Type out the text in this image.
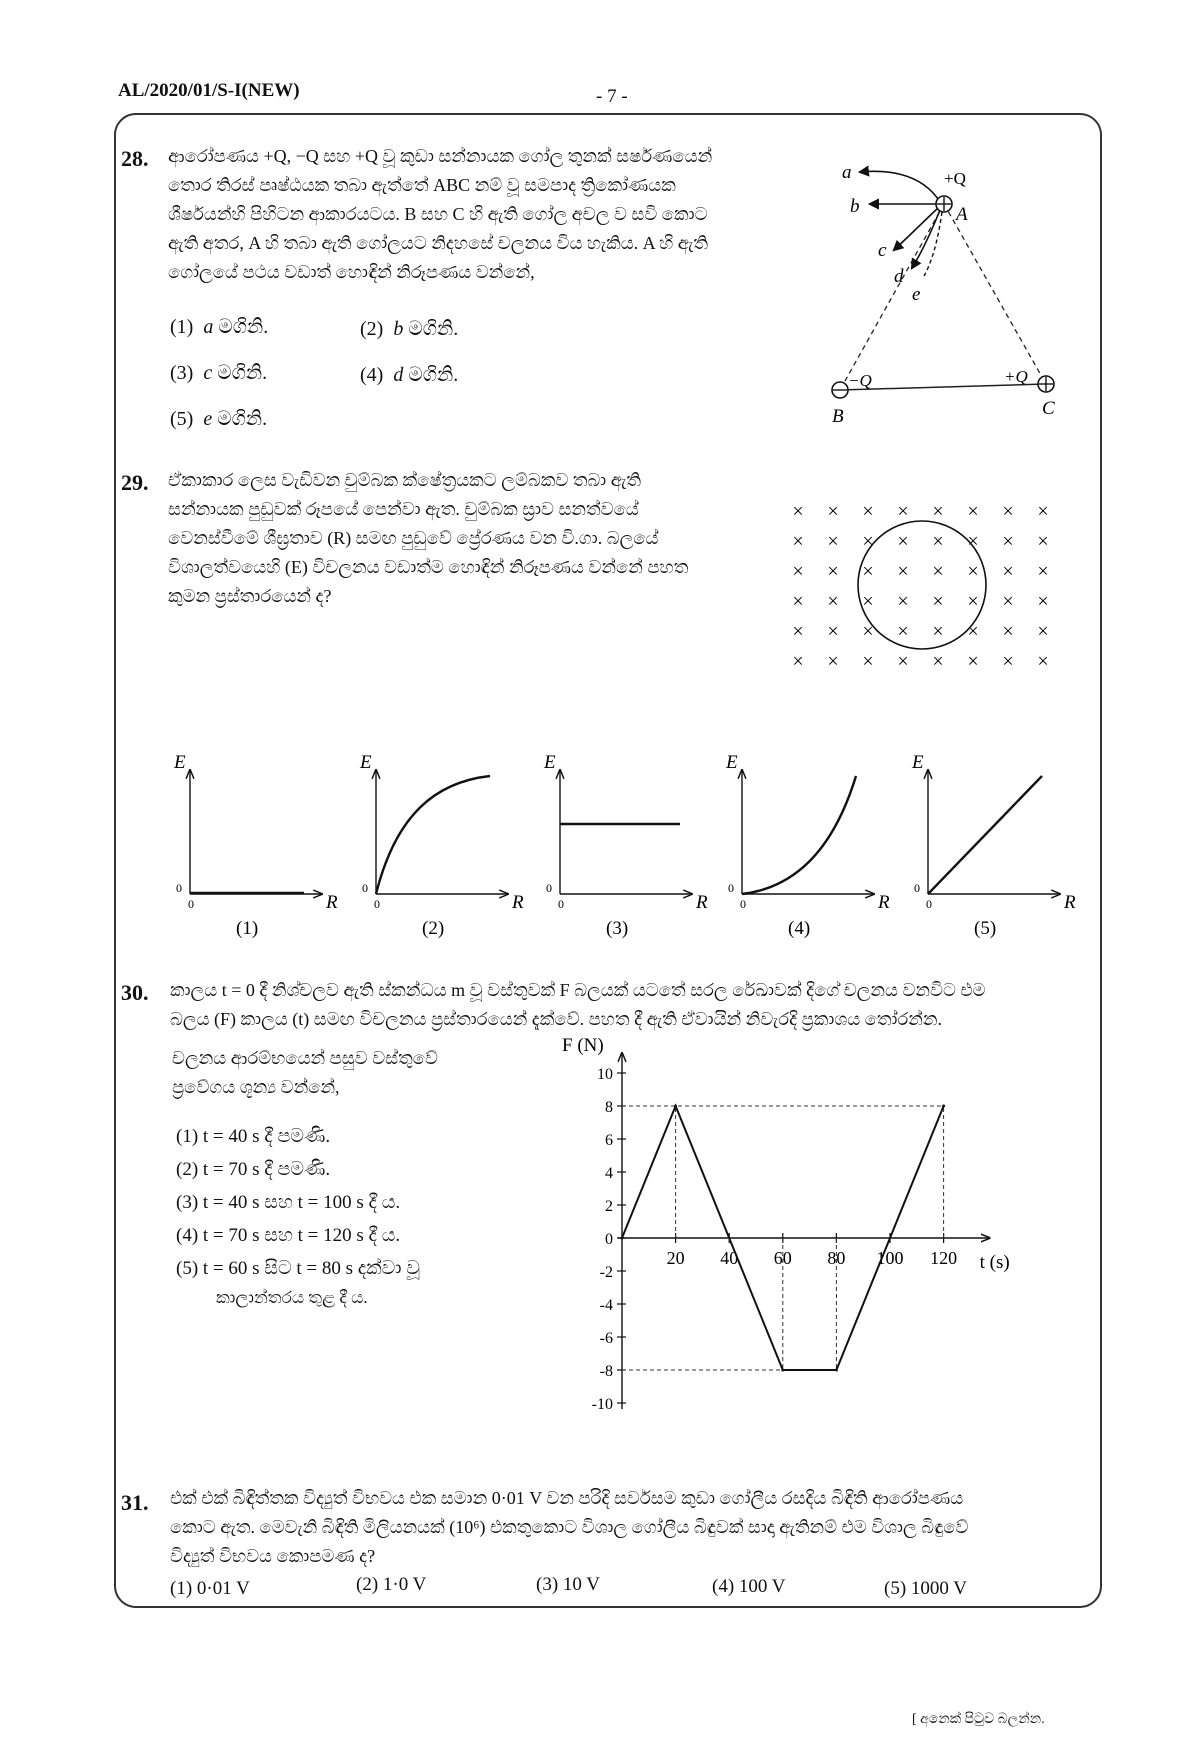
AL/2020/01/S-I(NEW)	- 7 -
28. ආරෝපණය +Q, −Q සහ +Q වූ කුඩා සන්නායක ගෝල තුනක් සර්ෂණයෙන්
තොර තිරස් පෘෂ්ඨයක තබා ඇත්තේ ABC නම් වූ සමපාද ත්‍රිකෝණයක
ශීර්ෂයන්හි පිහිටන ආකාරයටය. B සහ C හි ඇති ගෝල අචල ව සවි කොට
ඇති අතර, A හි තබා ඇති ගෝලයට නිදහසේ චලනය විය හැකිය. A හි ඇති
ගෝලයේ පථය වඩාත් හොඳින් නිරූපණය වන්නේ,
(1) a මගිනි.	(2) b මගිනි.
(3) c මගිනි.	(4) d මගිනි.
(5) e මගිනි.
a
b
c
d
e
+Q
A
−Q
B
+Q
C
29. ඒකාකාර ලෙස වැඩිවන චුම්බක ක්ෂේත්‍රයකට ලම්බකව තබා ඇති
සන්නායක පුඩුවක් රූපයේ පෙන්වා ඇත. චුම්බක ස්‍රාව සනත්වයේ
වෙනස්වීමේ ශීඝ්‍රතාව (R) සමඟ පුඩුවේ ප්‍රේරණය වන වි.ගා. බලයේ
විශාලත්වයෙහි (E) විචලනය වඩාත්ම හොඳින් නිරූපණය වන්නේ පහත
කුමන ප්‍රස්තාරයෙන් ද?
× × × × × × × ×
× × × × × × × ×
× × × × × × × ×
× × × × × × × ×
× × × × × × × ×
× × × × × × × ×
E
R
0
0
(1)
E
R
0
0
(2)
E
R
0
0
(3)
E
R
0
0
(4)
E
R
0
0
(5)
30. කාලය t = 0 දී නිශ්චලව ඇති ස්කන්ධය m වූ වස්තුවක් F බලයක් යටතේ සරල රේඛාවක් දිගේ චලනය වනවිට එම
බලය (F) කාලය (t) සමඟ විචලනය ප්‍රස්තාරයෙන් දැක්වේ. පහත දී ඇති ඒවායින් නිවැරදි ප්‍රකාශය තෝරන්න.
චලනය ආරම්භයෙන් පසුව වස්තුවේ
ප්‍රවේගය ශූන්‍ය වන්නේ,
(1) t = 40 s දී පමණි.
(2) t = 70 s දී පමණි.
(3) t = 40 s සහ t = 100 s දී ය.
(4) t = 70 s සහ t = 120 s දී ය.
(5) t = 60 s සිට t = 80 s දක්වා වූ
කාලාන්තරය තුළ දී ය.
F (N)
t (s)
10
8
6
4
2
0
-2
-4
-6
-8
-10
20 40 60 80 100 120
31. එක් එක් බිඳිත්තක විද්‍යුත් විභවය එක සමාන 0·01 V වන පරිදි සර්වසම කුඩා ගෝලීය රසදිය බිඳිති ආරෝපණය
කොට ඇත. මෙවැනි බිඳිති මිලියනයක් (10⁶) එකතුකොට විශාල ගෝලීය බිඳුවක් සාදා ඇතිනම් එම විශාල බිඳුවේ
විද්‍යුත් විභවය කොපමණ ද?
(1) 0·01 V	(2) 1·0 V	(3) 10 V	(4) 100 V	(5) 1000 V
[ අනෙක් පිටුව බලන්න.
